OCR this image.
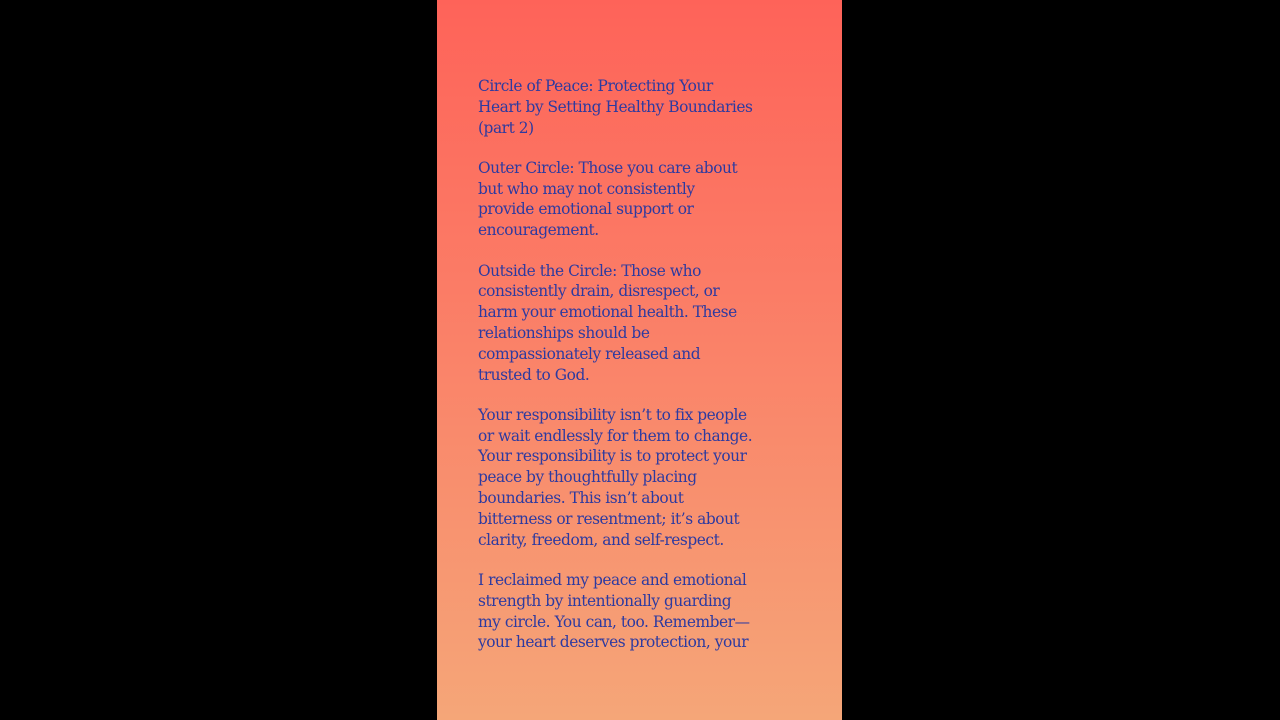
Circle of Peace: Protecting Your
Heart by Setting Healthy Boundaries
(part 2)

Outer Circle: Those you care about
but who may not consistently
provide emotional support or
encouragement.

Outside the Circle: Those who
consistently drain, disrespect, or
harm your emotional health. These
relationships should be
compassionately released and
trusted to God.

Your responsibility isn’t to fix people
or wait endlessly for them to change.
Your responsibility is to protect your
peace by thoughtfully placing
boundaries. This isn’t about
bitterness or resentment; it’s about
clarity, freedom, and self-respect.

I reclaimed my peace and emotional
strength by intentionally guarding
my circle. You can, too. Remember—
your heart deserves protection, your
